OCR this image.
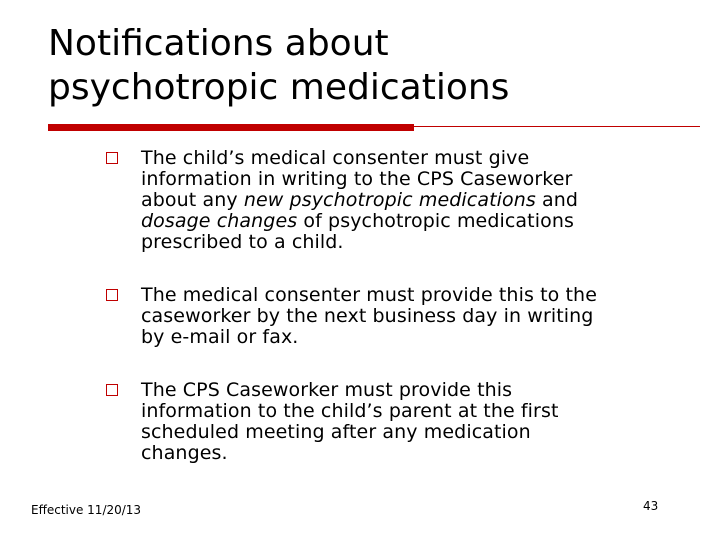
Notifications about
psychotropic medications
The child’s medical consenter must give
information in writing to the CPS Caseworker
about any new psychotropic medications and
dosage changes of psychotropic medications
prescribed to a child.
The medical consenter must provide this to the
caseworker by the next business day in writing
by e-mail or fax.
The CPS Caseworker must provide this
information to the child’s parent at the first
scheduled meeting after any medication
changes.
Effective 11/20/13	43
